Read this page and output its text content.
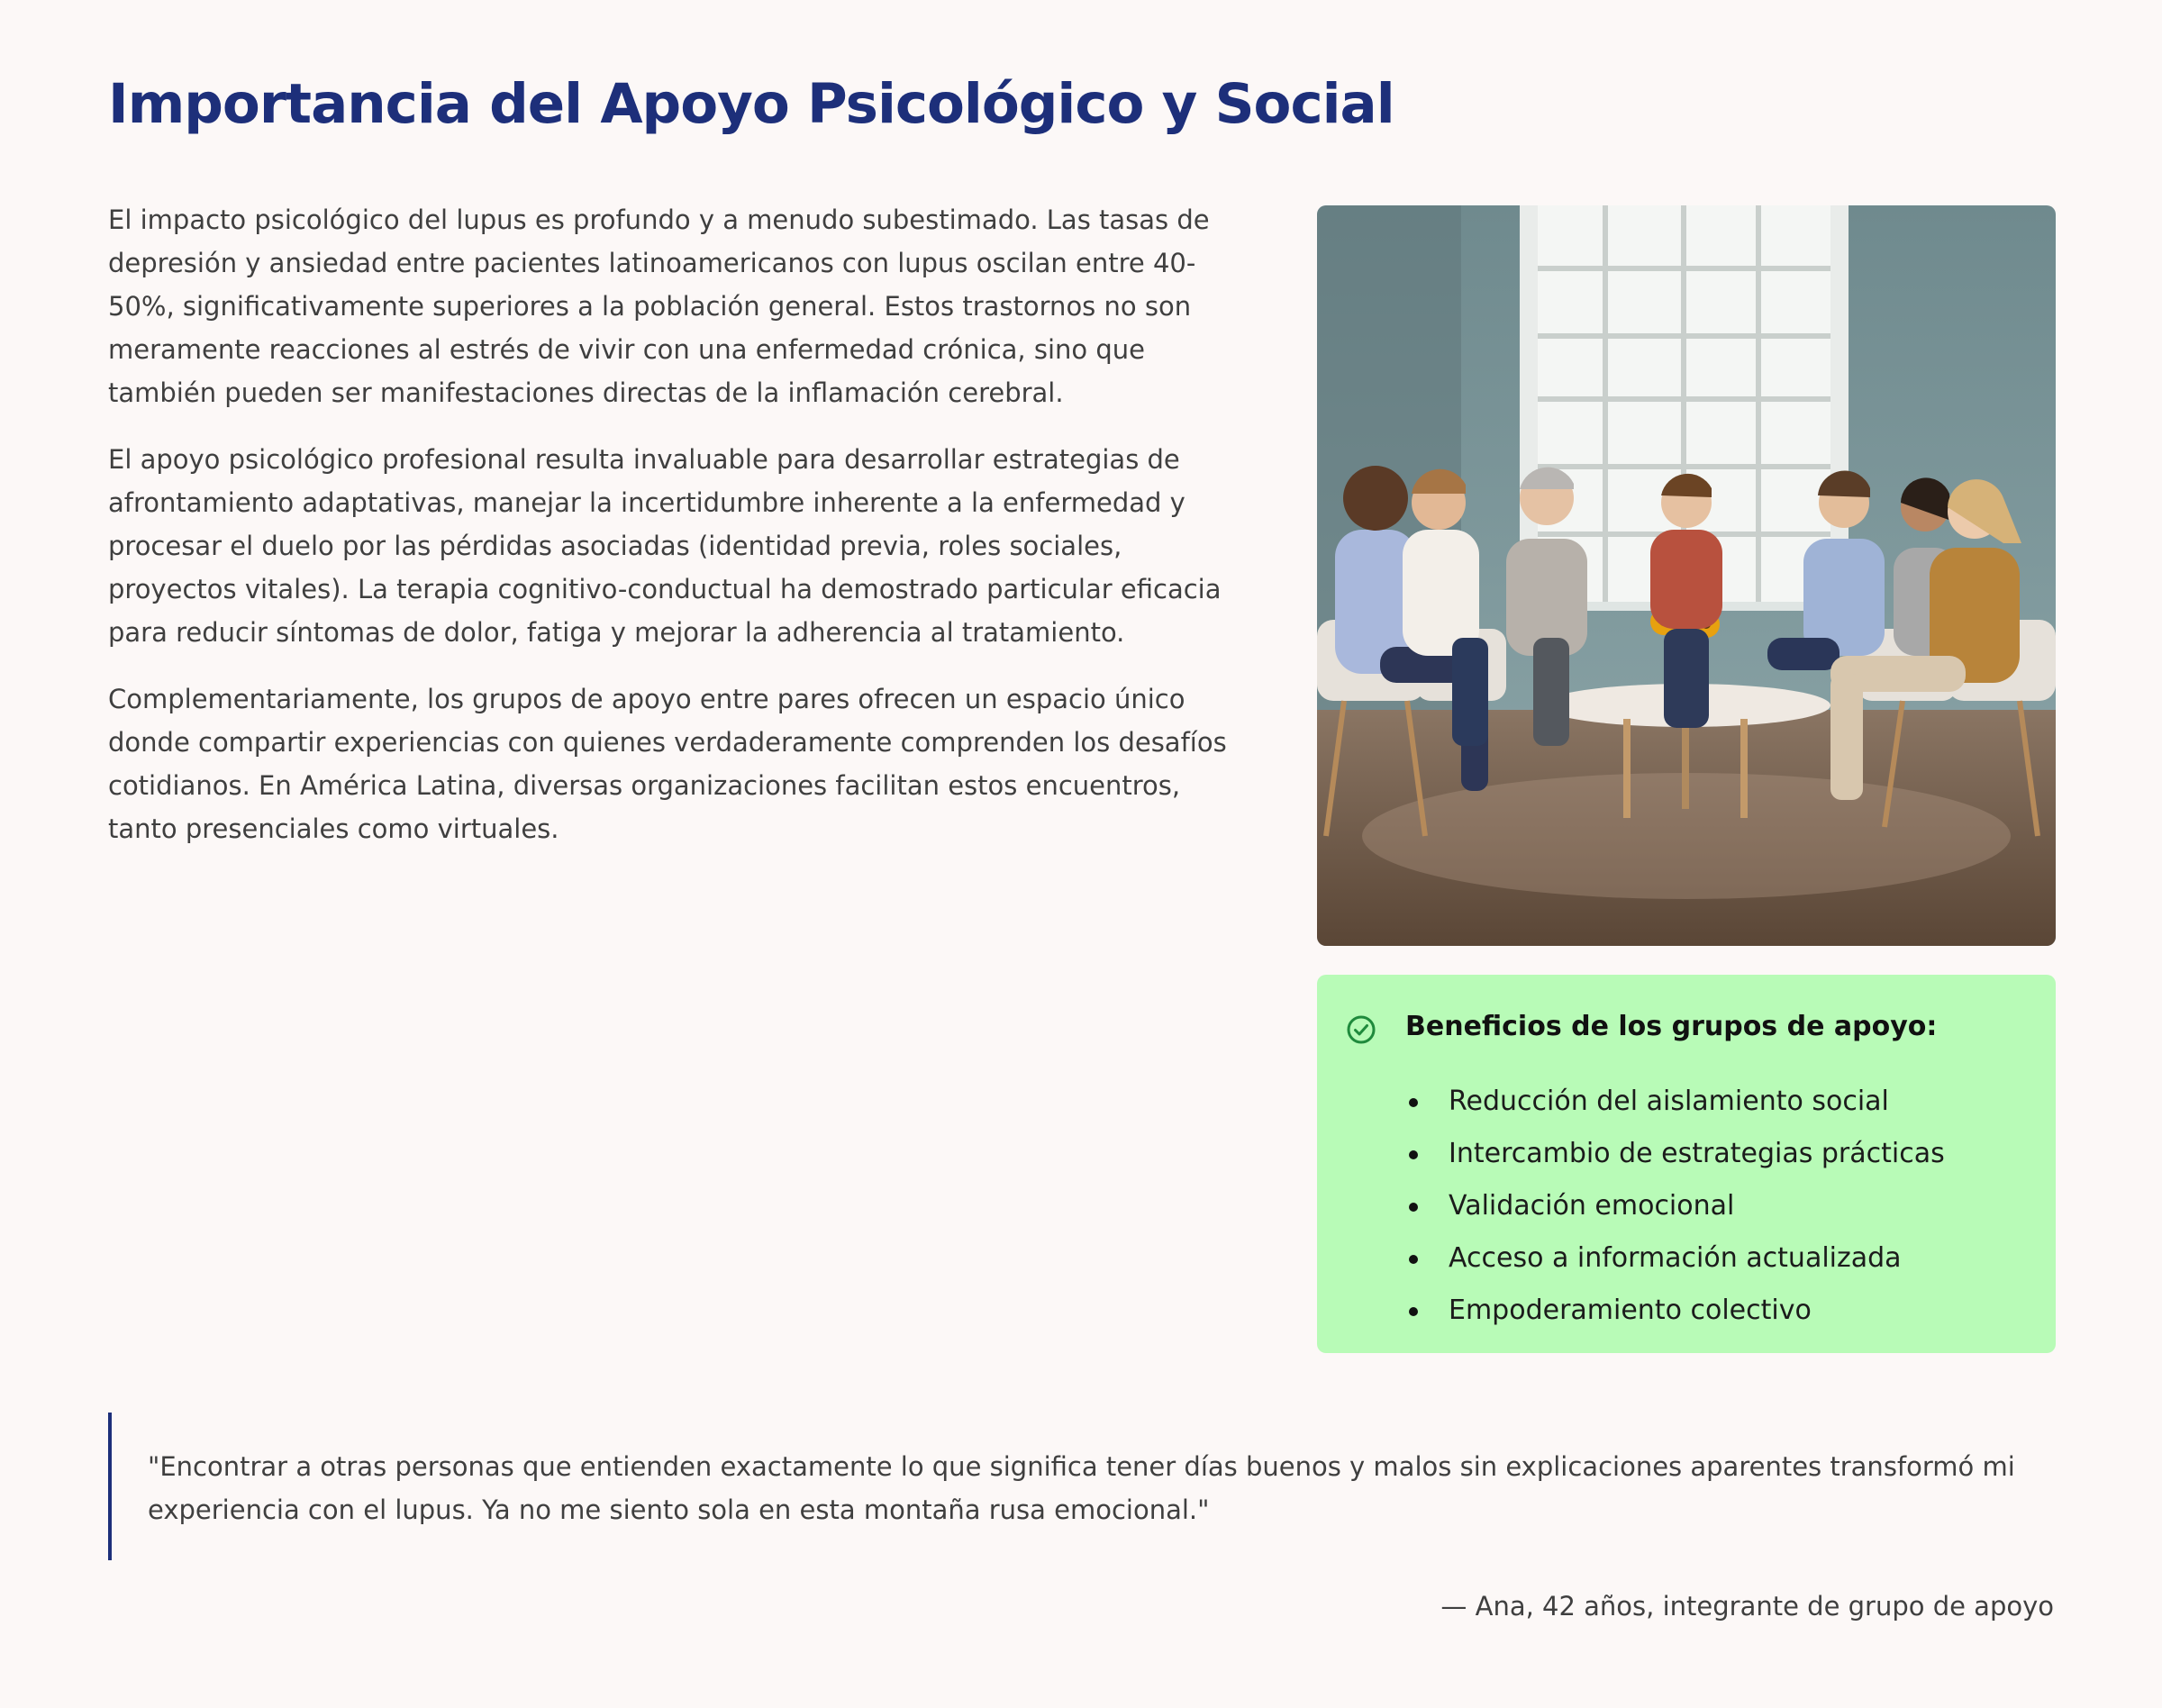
Importancia del Apoyo Psicológico y Social

El impacto psicológico del lupus es profundo y a menudo subestimado. Las tasas de depresión y ansiedad entre pacientes latinoamericanos con lupus oscilan entre 40-50%, significativamente superiores a la población general. Estos trastornos no son meramente reacciones al estrés de vivir con una enfermedad crónica, sino que también pueden ser manifestaciones directas de la inflamación cerebral.

El apoyo psicológico profesional resulta invaluable para desarrollar estrategias de afrontamiento adaptativas, manejar la incertidumbre inherente a la enfermedad y procesar el duelo por las pérdidas asociadas (identidad previa, roles sociales, proyectos vitales). La terapia cognitivo-conductual ha demostrado particular eficacia para reducir síntomas de dolor, fatiga y mejorar la adherencia al tratamiento.

Complementariamente, los grupos de apoyo entre pares ofrecen un espacio único donde compartir experiencias con quienes verdaderamente comprenden los desafíos cotidianos. En América Latina, diversas organizaciones facilitan estos encuentros, tanto presenciales como virtuales.

Beneficios de los grupos de apoyo:
Reducción del aislamiento social
Intercambio de estrategias prácticas
Validación emocional
Acceso a información actualizada
Empoderamiento colectivo

"Encontrar a otras personas que entienden exactamente lo que significa tener días buenos y malos sin explicaciones aparentes transformó mi experiencia con el lupus. Ya no me siento sola en esta montaña rusa emocional."

— Ana, 42 años, integrante de grupo de apoyo
